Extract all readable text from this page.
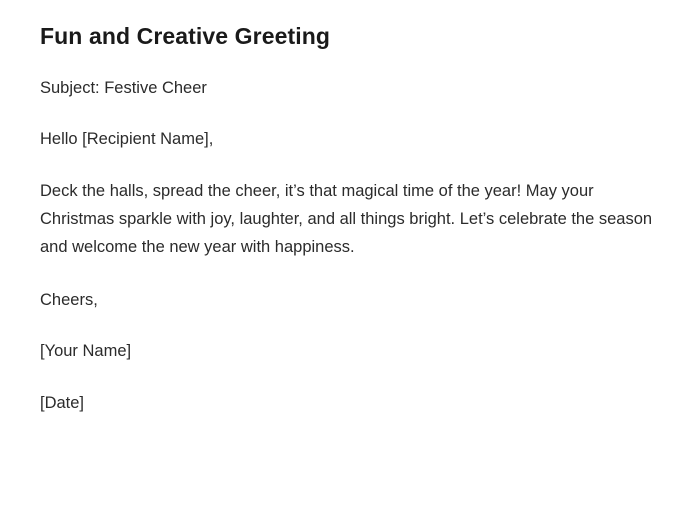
Fun and Creative Greeting

Subject: Festive Cheer

Hello [Recipient Name],

Deck the halls, spread the cheer, it’s that magical time of the year! May your Christmas sparkle with joy, laughter, and all things bright. Let’s celebrate the season and welcome the new year with happiness.

Cheers,

[Your Name]

[Date]
